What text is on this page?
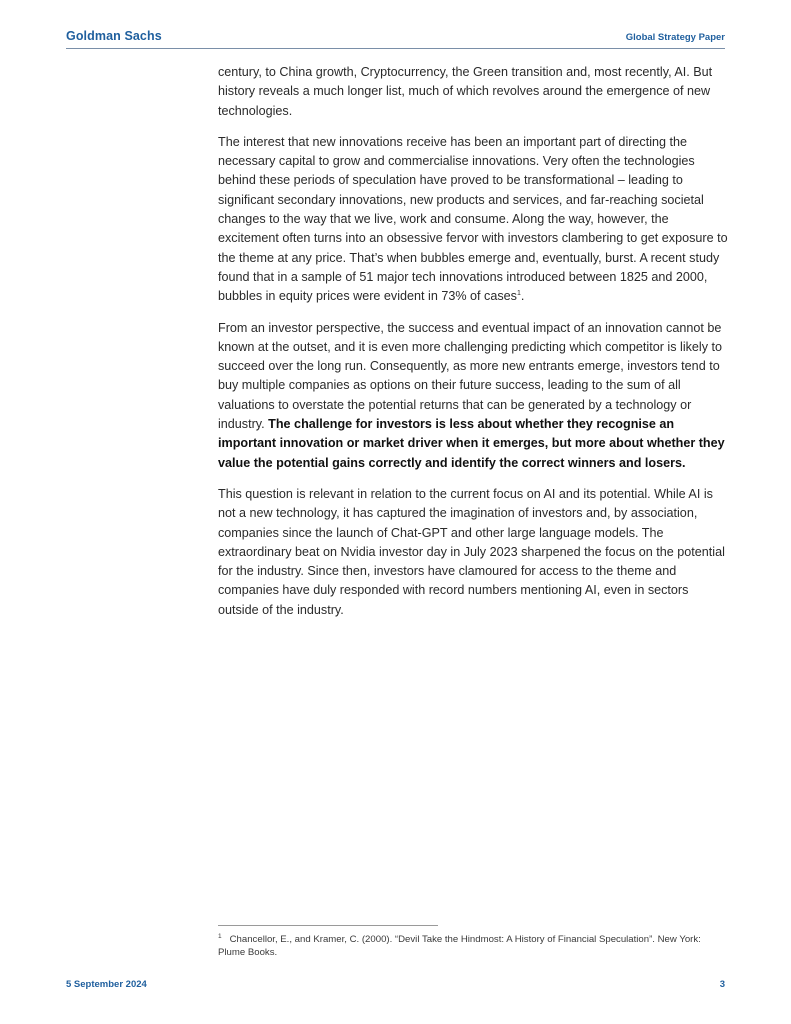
Goldman Sachs	Global Strategy Paper

century, to China growth, Cryptocurrency, the Green transition and, most recently, AI. But history reveals a much longer list, much of which revolves around the emergence of new technologies.

The interest that new innovations receive has been an important part of directing the necessary capital to grow and commercialise innovations. Very often the technologies behind these periods of speculation have proved to be transformational – leading to significant secondary innovations, new products and services, and far-reaching societal changes to the way that we live, work and consume. Along the way, however, the excitement often turns into an obsessive fervor with investors clambering to get exposure to the theme at any price. That’s when bubbles emerge and, eventually, burst. A recent study found that in a sample of 51 major tech innovations introduced between 1825 and 2000, bubbles in equity prices were evident in 73% of cases$^1$.

From an investor perspective, the success and eventual impact of an innovation cannot be known at the outset, and it is even more challenging predicting which competitor is likely to succeed over the long run. Consequently, as more new entrants emerge, investors tend to buy multiple companies as options on their future success, leading to the sum of all valuations to overstate the potential returns that can be generated by a technology or industry. The challenge for investors is less about whether they recognise an important innovation or market driver when it emerges, but more about whether they value the potential gains correctly and identify the correct winners and losers.

This question is relevant in relation to the current focus on AI and its potential. While AI is not a new technology, it has captured the imagination of investors and, by association, companies since the launch of Chat-GPT and other large language models. The extraordinary beat on Nvidia investor day in July 2023 sharpened the focus on the potential for the industry. Since then, investors have clamoured for access to the theme and companies have duly responded with record numbers mentioning AI, even in sectors outside of the industry.

$^1$ Chancellor, E., and Kramer, C. (2000). “Devil Take the Hindmost: A History of Financial Speculation”. New York: Plume Books.
5 September 2024	3
